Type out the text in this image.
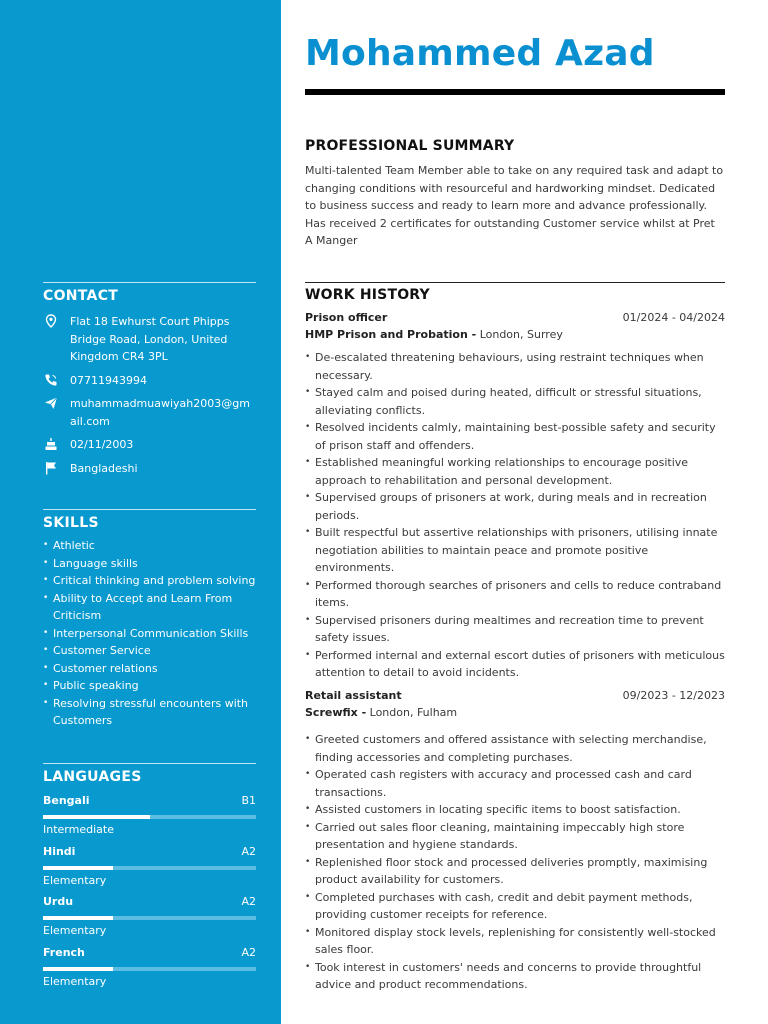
CONTACT
Flat 18 Ewhurst Court Phipps Bridge Road, London, United Kingdom CR4 3PL
07711943994
muhammadmuawiyah2003@gmail.com
02/11/2003
Bangladeshi
SKILLS
• Athletic
• Language skills
• Critical thinking and problem solving
• Ability to Accept and Learn From Criticism
• Interpersonal Communication Skills
• Customer Service
• Customer relations
• Public speaking
• Resolving stressful encounters with Customers
LANGUAGES
Bengali	B1
Intermediate
Hindi	A2
Elementary
Urdu	A2
Elementary
French	A2
Elementary
Mohammed Azad
PROFESSIONAL SUMMARY
Multi-talented Team Member able to take on any required task and adapt to changing conditions with resourceful and hardworking mindset. Dedicated to business success and ready to learn more and advance professionally. Has received 2 certificates for outstanding Customer service whilst at Pret A Manger
WORK HISTORY
Prison officer	01/2024 - 04/2024
HMP Prison and Probation - London, Surrey
• De-escalated threatening behaviours, using restraint techniques when necessary.
• Stayed calm and poised during heated, difficult or stressful situations, alleviating conflicts.
• Resolved incidents calmly, maintaining best-possible safety and security of prison staff and offenders.
• Established meaningful working relationships to encourage positive approach to rehabilitation and personal development.
• Supervised groups of prisoners at work, during meals and in recreation periods.
• Built respectful but assertive relationships with prisoners, utilising innate negotiation abilities to maintain peace and promote positive environments.
• Performed thorough searches of prisoners and cells to reduce contraband items.
• Supervised prisoners during mealtimes and recreation time to prevent safety issues.
• Performed internal and external escort duties of prisoners with meticulous attention to detail to avoid incidents.
Retail assistant	09/2023 - 12/2023
Screwfix - London, Fulham
• Greeted customers and offered assistance with selecting merchandise, finding accessories and completing purchases.
• Operated cash registers with accuracy and processed cash and card transactions.
• Assisted customers in locating specific items to boost satisfaction.
• Carried out sales floor cleaning, maintaining impeccably high store presentation and hygiene standards.
• Replenished floor stock and processed deliveries promptly, maximising product availability for customers.
• Completed purchases with cash, credit and debit payment methods, providing customer receipts for reference.
• Monitored display stock levels, replenishing for consistently well-stocked sales floor.
• Took interest in customers' needs and concerns to provide throughtful advice and product recommendations.
